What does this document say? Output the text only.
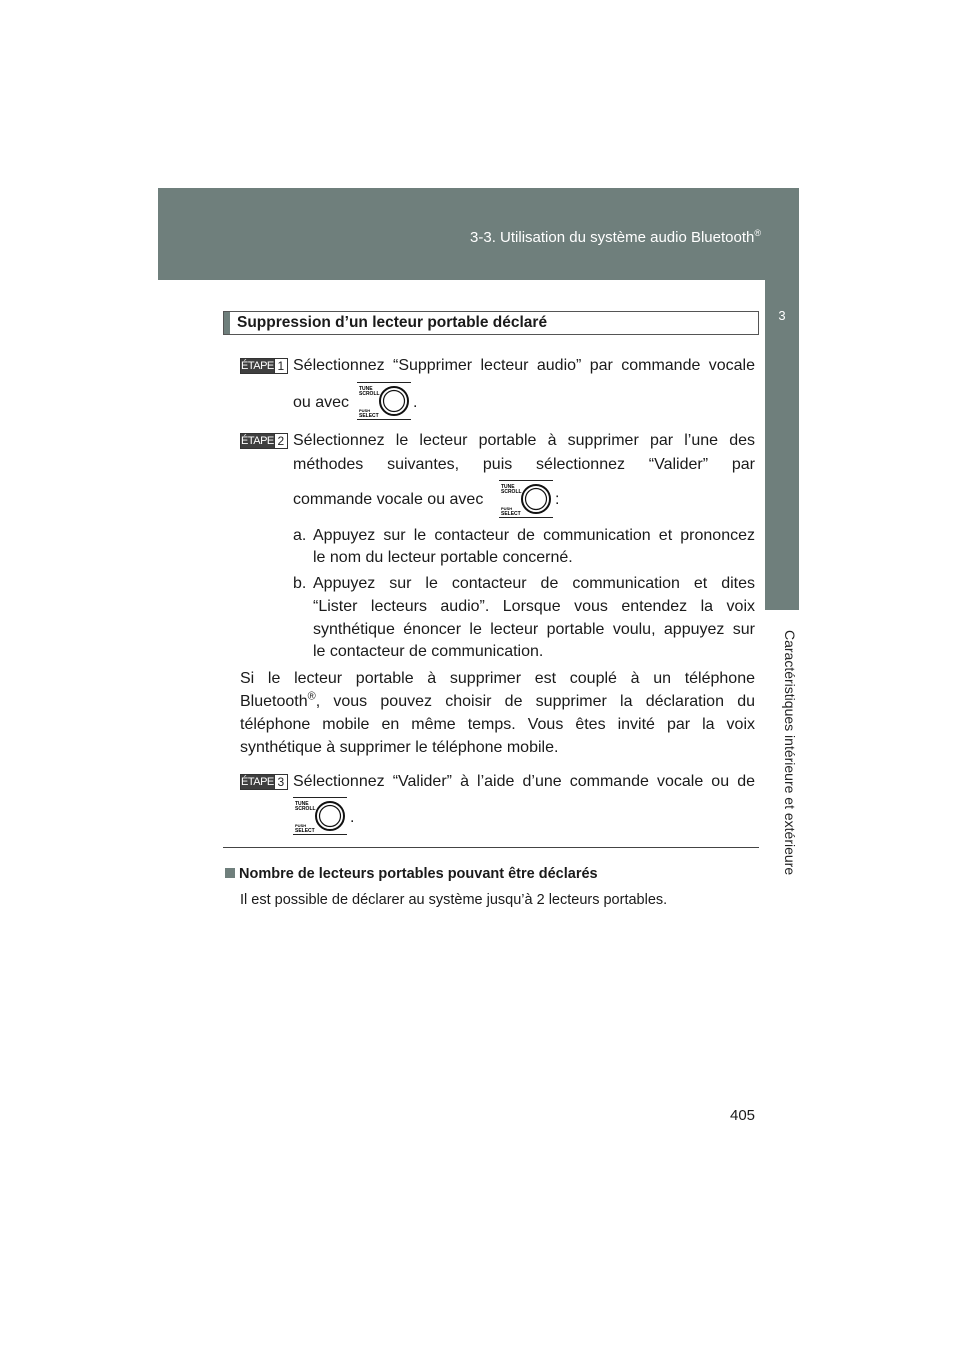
3-3. Utilisation du système audio Bluetooth®
3
Caractéristiques intérieure et extérieure
Suppression d’un lecteur portable déclaré
ÉTAPE 1 Sélectionnez “Supprimer lecteur audio” par commande vocale
ou avec
TUNE
SCROLL
PUSH
SELECT
.
ÉTAPE 2 Sélectionnez le lecteur portable à supprimer par l’une des
méthodes suivantes, puis sélectionnez “Valider” par
commande vocale ou avec
TUNE
SCROLL
PUSH
SELECT
:
a. Appuyez sur le contacteur de communication et prononcez
le nom du lecteur portable concerné.
b. Appuyez sur le contacteur de communication et dites
“Lister lecteurs audio”. Lorsque vous entendez la voix
synthétique énoncer le lecteur portable voulu, appuyez sur
le contacteur de communication.
Si le lecteur portable à supprimer est couplé à un téléphone
Bluetooth®, vous pouvez choisir de supprimer la déclaration du
téléphone mobile en même temps. Vous êtes invité par la voix
synthétique à supprimer le téléphone mobile.
ÉTAPE 3 Sélectionnez “Valider” à l’aide d’une commande vocale ou de
TUNE
SCROLL
PUSH
SELECT
.
Nombre de lecteurs portables pouvant être déclarés
Il est possible de déclarer au système jusqu’à 2 lecteurs portables.
405
